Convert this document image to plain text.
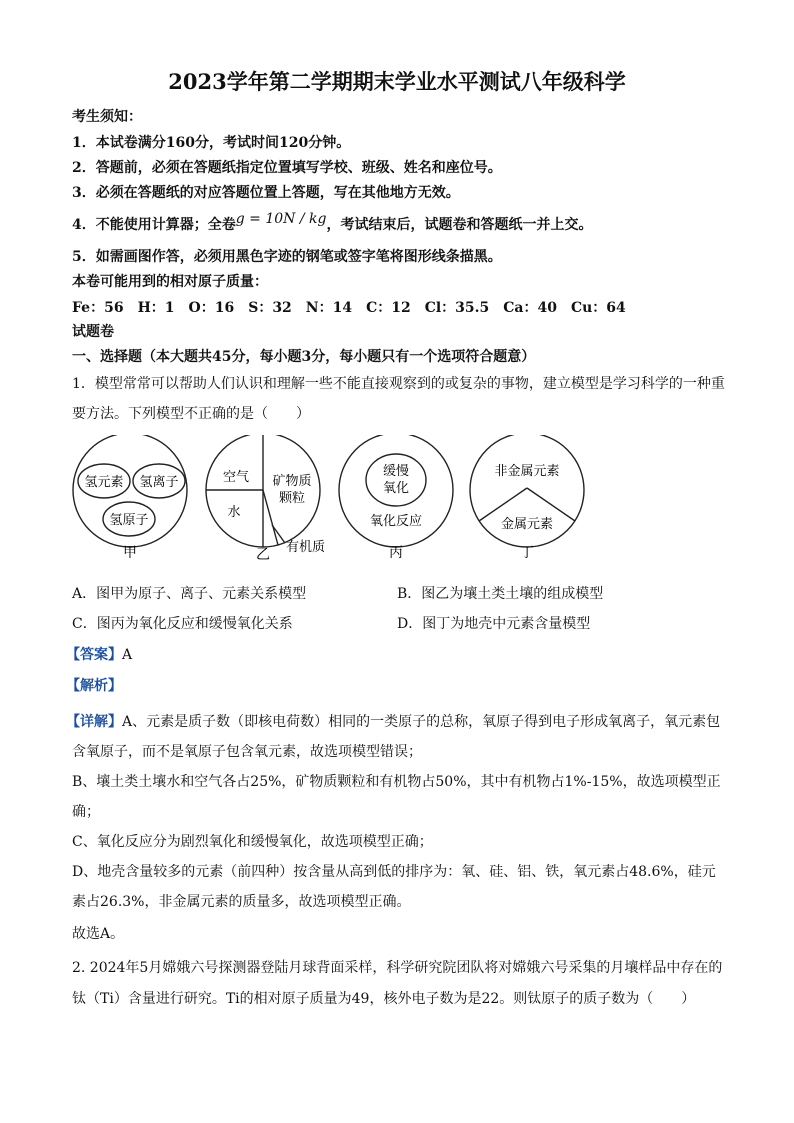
2023学年第二学期期末学业水平测试八年级科学
考生须知：
1．本试卷满分160分，考试时间120分钟。
2．答题前，必须在答题纸指定位置填写学校、班级、姓名和座位号。
3．必须在答题纸的对应答题位置上答题，写在其他地方无效。
4．不能使用计算器；全卷g = 10N / kg，考试结束后，试题卷和答题纸一并上交。
5．如需画图作答，必须用黑色字迹的钢笔或签字笔将图形线条描黑。
本卷可能用到的相对原子质量：
Fe：56　H：1　O：16　S：32　N：14　C：12　Cl：35.5　Ca：40　Cu：64
试题卷
一、选择题（本大题共45分，每小题3分，每小题只有一个选项符合题意）
1．模型常常可以帮助人们认识和理解一些不能直接观察到的或复杂的事物，建立模型是学习科学的一种重
要方法。下列模型不正确的是（　　）
氢元素 氢离子
氢原子
甲
空气
水
矿物质
颗粒
有机质
乙
缓慢
氧化
氧化反应
丙
非金属元素
金属元素
丁
A．图甲为原子、离子、元素关系模型	B．图乙为壤土类土壤的组成模型
C．图丙为氧化反应和缓慢氧化关系	D．图丁为地壳中元素含量模型
【答案】A
【解析】
【详解】A、元素是质子数（即核电荷数）相同的一类原子的总称，氧原子得到电子形成氧离子，氧元素包含氧原子，而不是氧原子包含氧元素，故选项模型错误；
B、壤土类土壤水和空气各占25%，矿物质颗粒和有机物占50%，其中有机物占1%-15%，故选项模型正确；
C、氧化反应分为剧烈氧化和缓慢氧化，故选项模型正确；
D、地壳含量较多的元素（前四种）按含量从高到低的排序为：氧、硅、铝、铁，氧元素占48.6%，硅元素占26.3%，非金属元素的质量多，故选项模型正确。
故选A。
2. 2024年5月嫦娥六号探测器登陆月球背面采样，科学研究院团队将对嫦娥六号采集的月壤样品中存在的
钛（Ti）含量进行研究。Ti的相对原子质量为49，核外电子数为是22。则钛原子的质子数为（　　）
